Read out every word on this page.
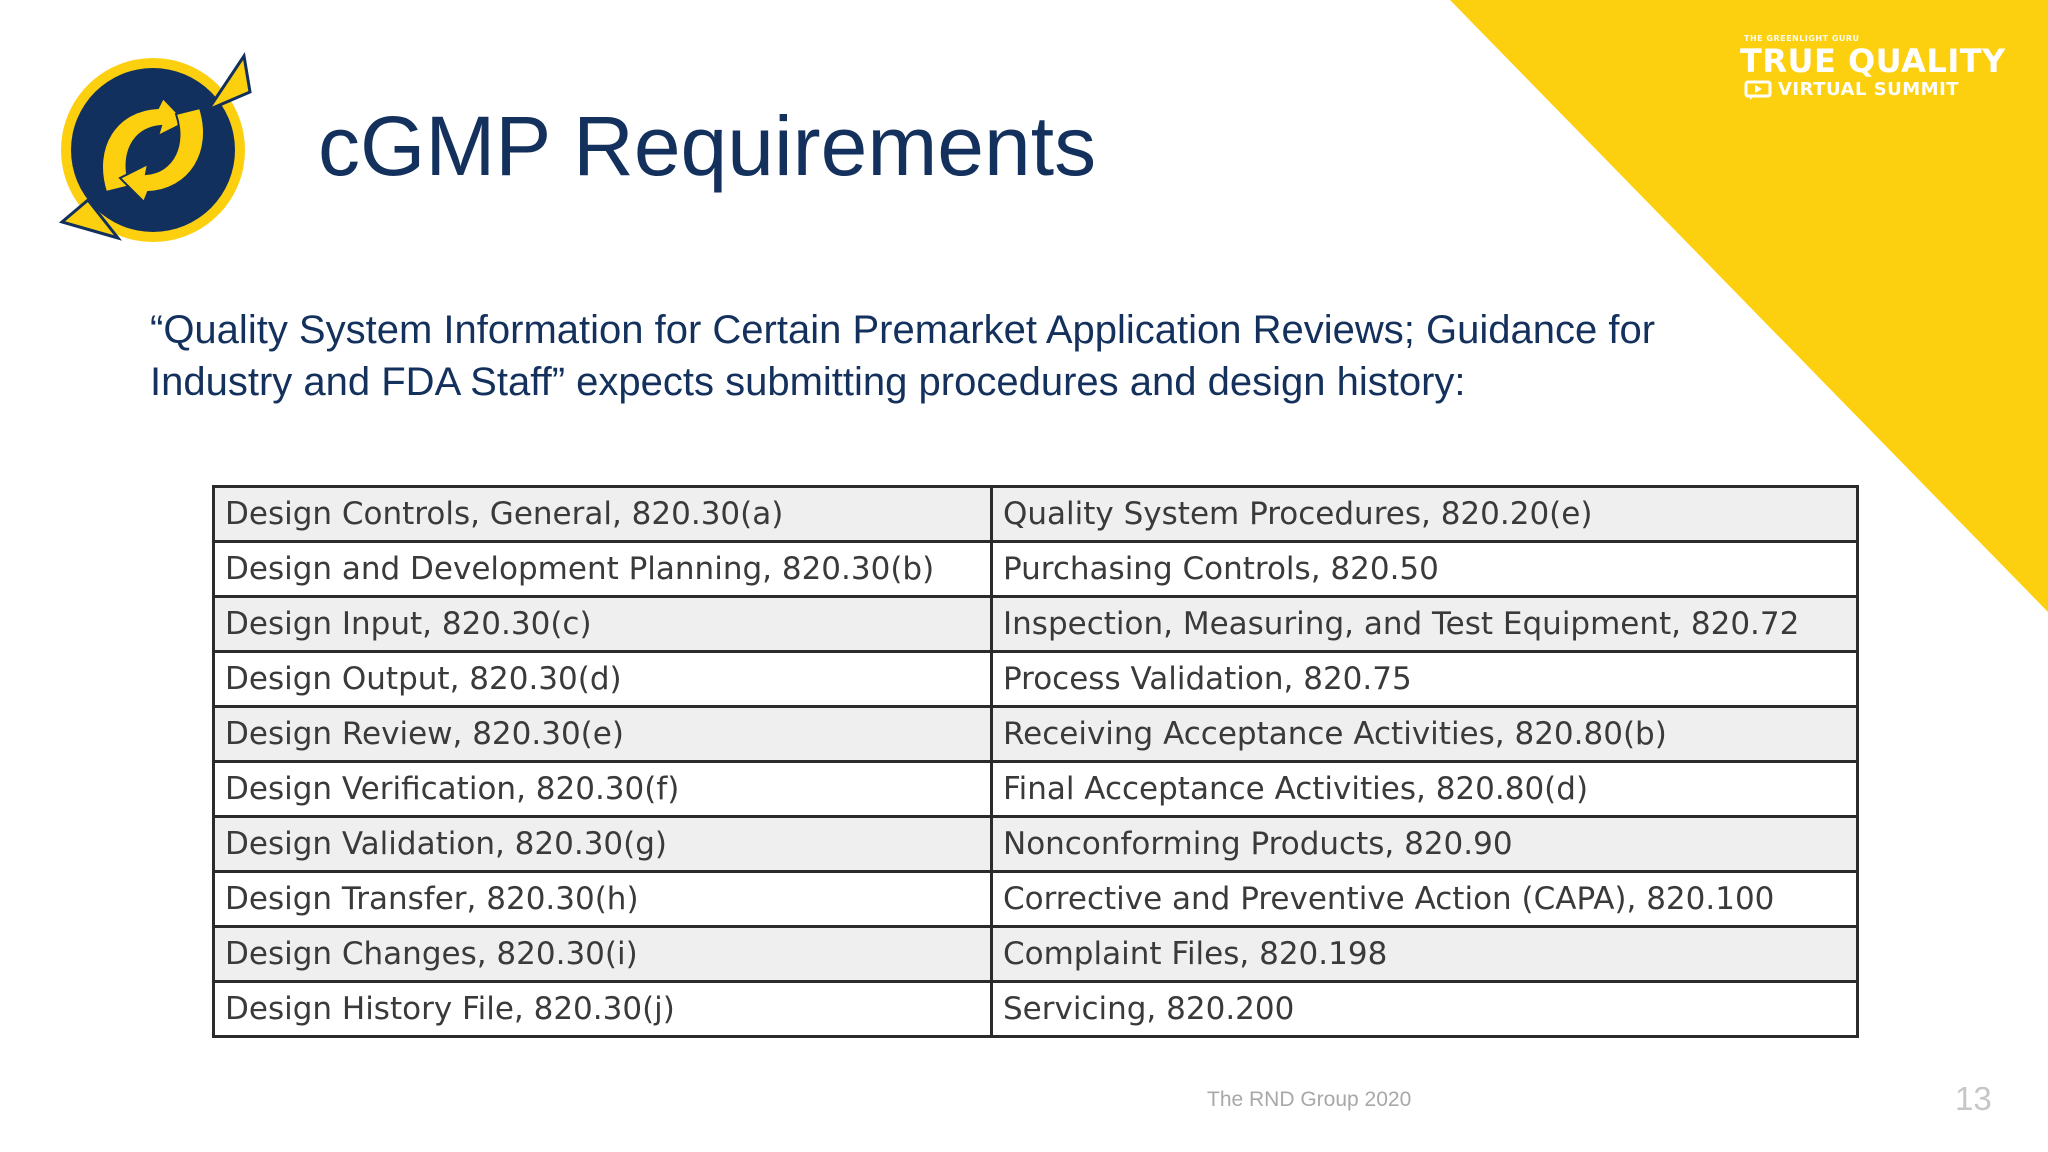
THE GREENLIGHT GURU
TRUE QUALITY
VIRTUAL SUMMIT
cGMP Requirements

“Quality System Information for Certain Premarket Application Reviews; Guidance for Industry and FDA Staff” expects submitting procedures and design history:

Design Controls, General, 820.30(a)	Quality System Procedures, 820.20(e)
Design and Development Planning, 820.30(b)	Purchasing Controls, 820.50
Design Input, 820.30(c)	Inspection, Measuring, and Test Equipment, 820.72
Design Output, 820.30(d)	Process Validation, 820.75
Design Review, 820.30(e)	Receiving Acceptance Activities, 820.80(b)
Design Verification, 820.30(f)	Final Acceptance Activities, 820.80(d)
Design Validation, 820.30(g)	Nonconforming Products, 820.90
Design Transfer, 820.30(h)	Corrective and Preventive Action (CAPA), 820.100
Design Changes, 820.30(i)	Complaint Files, 820.198
Design History File, 820.30(j)	Servicing, 820.200
The RND Group 2020	13
